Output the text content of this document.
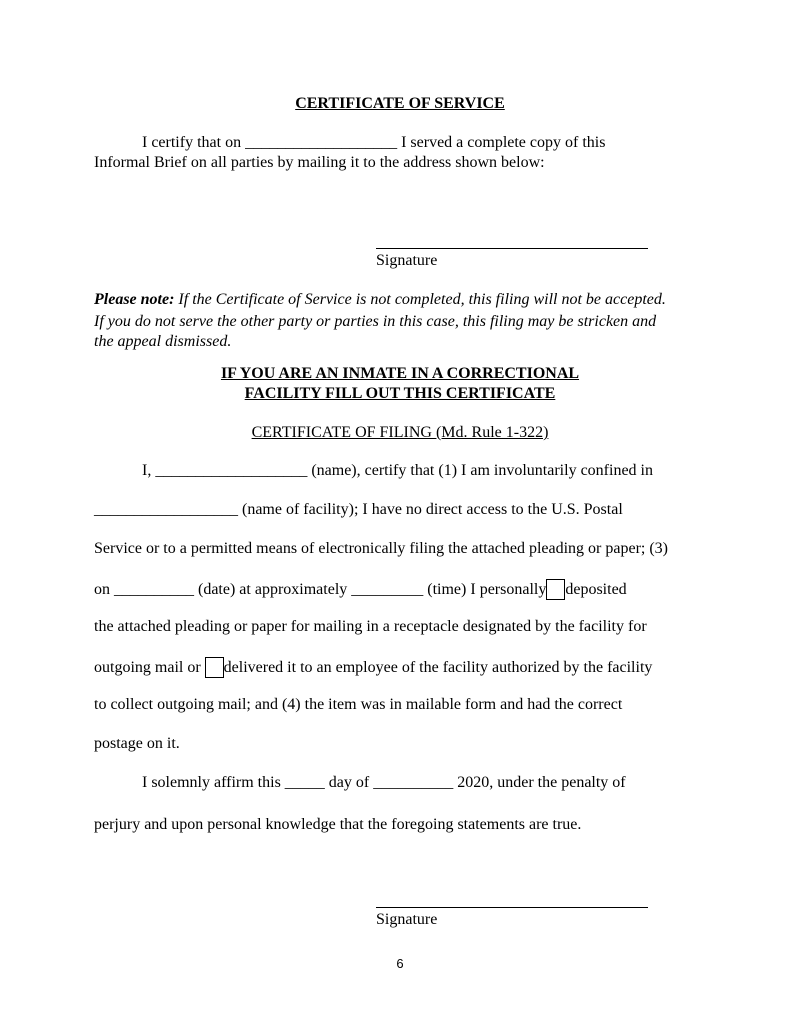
CERTIFICATE OF SERVICE
I certify that on ___________________ I served a complete copy of this
Informal Brief on all parties by mailing it to the address shown below:
Signature
Please note: If the Certificate of Service is not completed, this filing will not be accepted.
If you do not serve the other party or parties in this case, this filing may be stricken and
the appeal dismissed.
IF YOU ARE AN INMATE IN A CORRECTIONAL
FACILITY FILL OUT THIS CERTIFICATE
CERTIFICATE OF FILING (Md. Rule 1-322)
I, ___________________ (name), certify that (1) I am involuntarily confined in
__________________ (name of facility); I have no direct access to the U.S. Postal
Service or to a permitted means of electronically filing the attached pleading or paper; (3)
on __________ (date) at approximately _________ (time) I personally deposited
the attached pleading or paper for mailing in a receptacle designated by the facility for
outgoing mail or delivered it to an employee of the facility authorized by the facility
to collect outgoing mail; and (4) the item was in mailable form and had the correct
postage on it.
I solemnly affirm this _____ day of __________ 2020, under the penalty of
perjury and upon personal knowledge that the foregoing statements are true.
Signature
6
